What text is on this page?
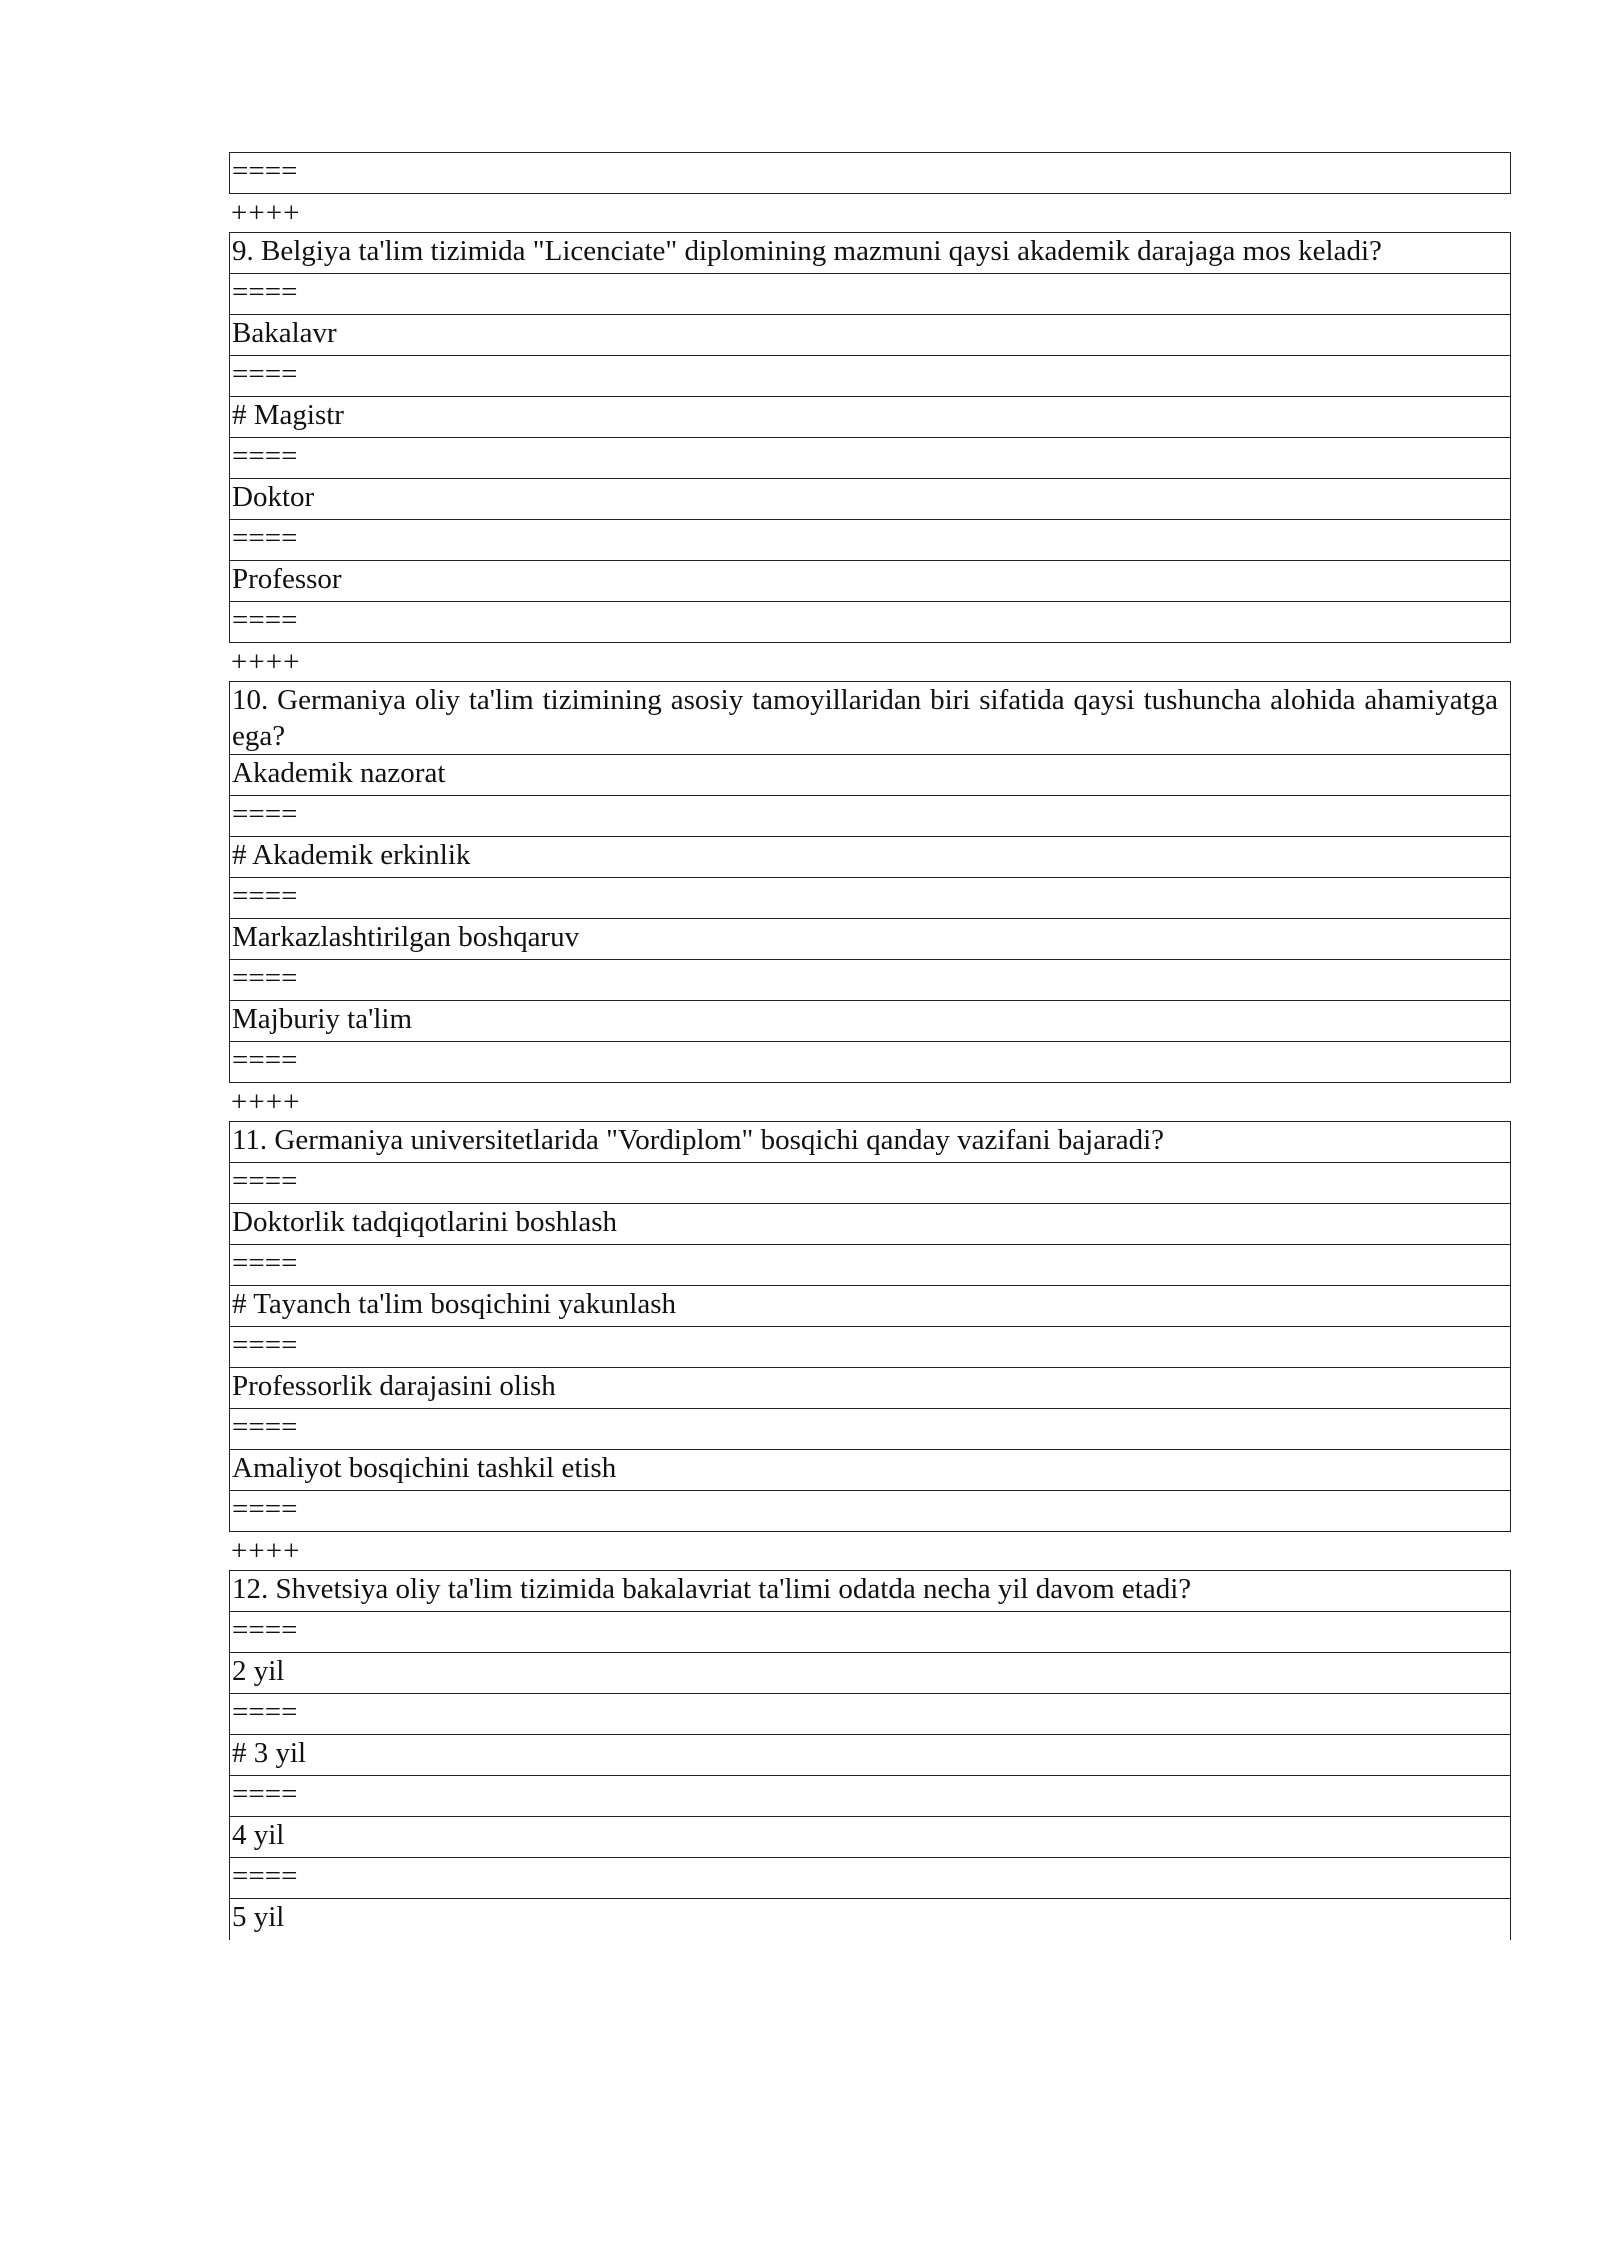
====
++++
9. Belgiya ta'lim tizimida "Licenciate" diplomining mazmuni qaysi akademik darajaga mos keladi?
====
Bakalavr
====
# Magistr
====
Doktor
====
Professor
====
++++
10. Germaniya oliy ta'lim tizimining asosiy tamoyillaridan biri sifatida qaysi tushuncha alohida ahamiyatga ega?
Akademik nazorat
====
# Akademik erkinlik
====
Markazlashtirilgan boshqaruv
====
Majburiy ta'lim
====
++++
11. Germaniya universitetlarida "Vordiplom" bosqichi qanday vazifani bajaradi?
====
Doktorlik tadqiqotlarini boshlash
====
# Tayanch ta'lim bosqichini yakunlash
====
Professorlik darajasini olish
====
Amaliyot bosqichini tashkil etish
====
++++
12. Shvetsiya oliy ta'lim tizimida bakalavriat ta'limi odatda necha yil davom etadi?
====
2 yil
====
# 3 yil
====
4 yil
====
5 yil
